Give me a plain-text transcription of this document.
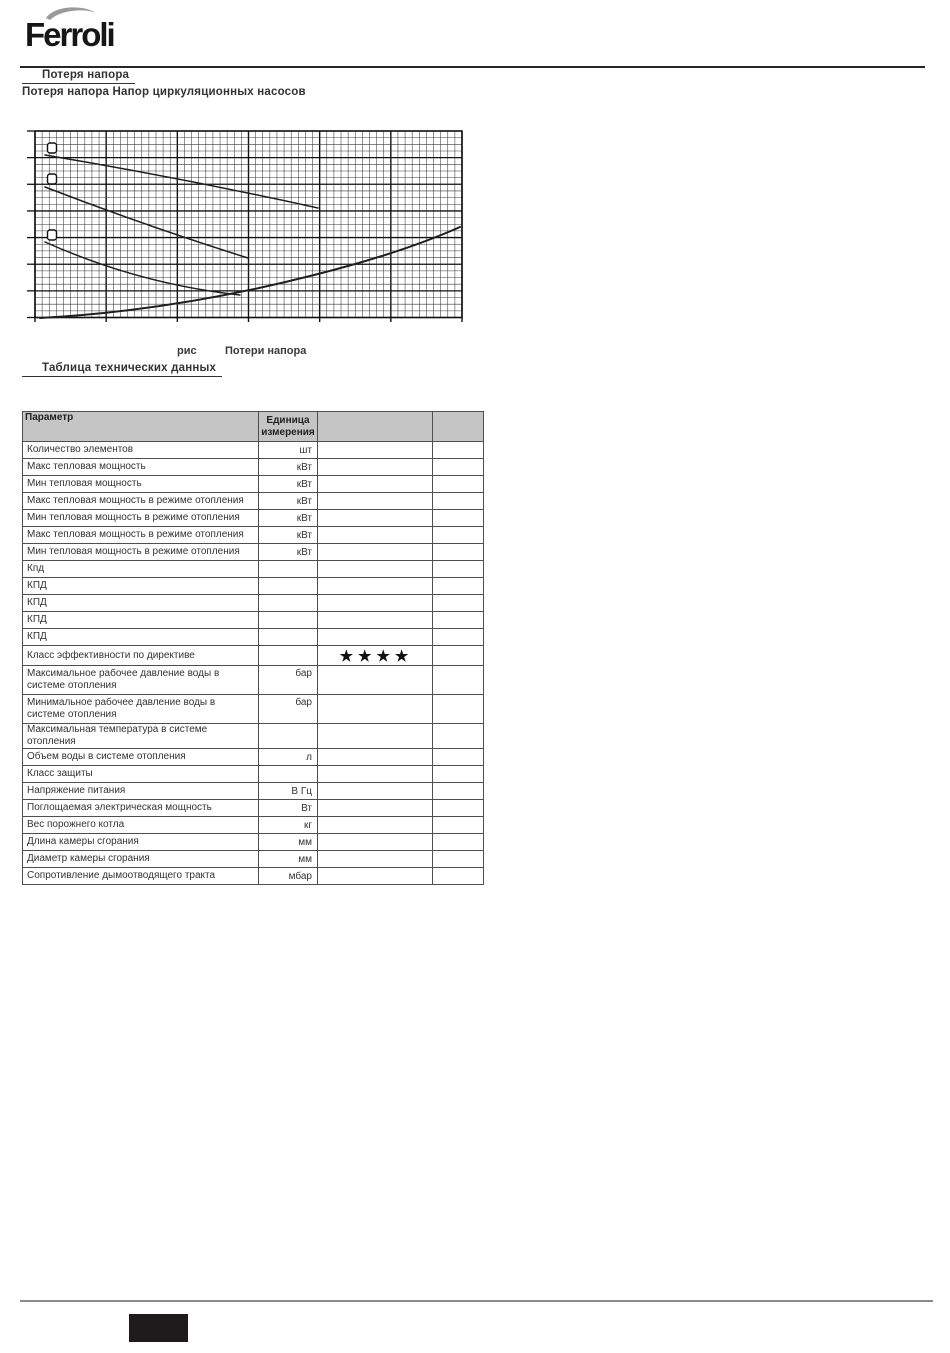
Ferroli
Потеря напора
Потеря напора Напор циркуляционных насосов
рис	Потери напора
Таблица технических данных
Параметр	Единица измерения		
Количество элементов	шт		
Макс тепловая мощность	кВт		
Мин тепловая мощность	кВт		
Макс тепловая мощность в режиме отопления	кВт		
Мин тепловая мощность в режиме отопления	кВт		
Макс тепловая мощность в режиме отопления	кВт		
Мин тепловая мощность в режиме отопления	кВт		
Кпд			
КПД			
КПД			
КПД			
КПД			
Класс эффективности по директиве		★★★★	
Максимальное рабочее давление воды в системе отопления	бар		
Минимальное рабочее давление воды в системе отопления	бар		
Максимальная температура в системе отопления			
Объем воды в системе отопления	л		
Класс защиты			
Напряжение питания	В Гц		
Поглощаемая электрическая мощность	Вт		
Вес порожнего котла	кг		
Длина камеры сгорания	мм		
Диаметр камеры сгорания	мм		
Сопротивление дымоотводящего тракта	мбар		
